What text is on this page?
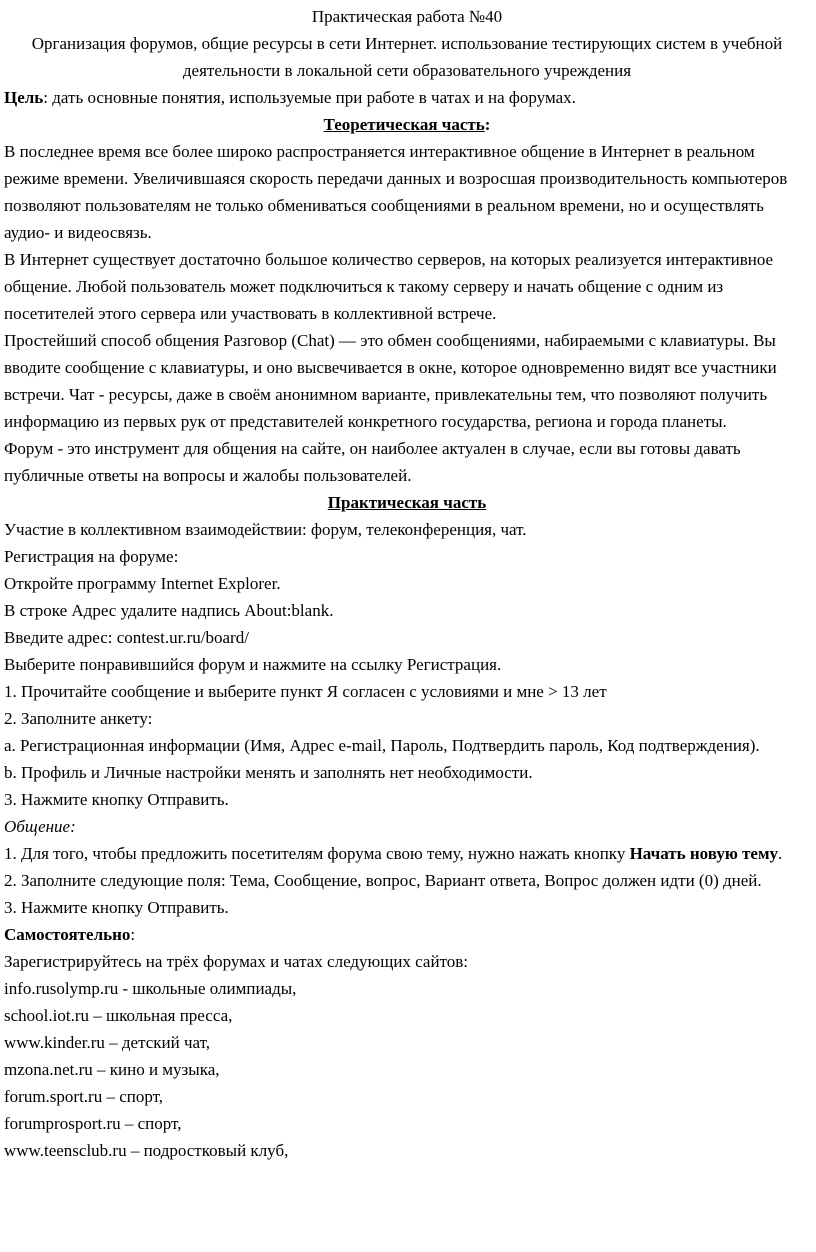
Практическая работа №40
Организация форумов, общие ресурсы в сети Интернет. использование тестирующих систем в учебной деятельности в локальной сети образовательного учреждения

Цель: дать основные понятия, используемые при работе в чатах и на форумах.

Теоретическая часть:

В последнее время все более широко распространяется интерактивное общение в Интернет в реальном режиме времени. Увеличившаяся скорость передачи данных и возросшая производительность компьютеров позволяют пользователям не только обмениваться сообщениями в реальном времени, но и осуществлять аудио- и видеосвязь.

В Интернет существует достаточно большое количество серверов, на которых реализуется интерактивное общение. Любой пользователь может подключиться к такому серверу и начать общение с одним из посетителей этого сервера или участвовать в коллективной встрече.

Простейший способ общения Разговор (Chat) — это обмен сообщениями, набираемыми с клавиатуры. Вы вводите сообщение с клавиатуры, и оно высвечивается в окне, которое одновременно видят все участники встречи. Чат - ресурсы, даже в своём анонимном варианте, привлекательны тем, что позволяют получить информацию из первых рук от представителей конкретного государства, региона и города планеты.

Форум - это инструмент для общения на сайте, он наиболее актуален в случае, если вы готовы давать публичные ответы на вопросы и жалобы пользователей.

Практическая часть

Участие в коллективном взаимодействии: форум, телеконференция, чат.

Регистрация на форуме:

Откройте программу Internet Explorer.

В строке Адрес удалите надпись About:blank.

Введите адрес: contest.ur.ru/board/

Выберите понравившийся форум и нажмите на ссылку Регистрация.

1. Прочитайте сообщение и выберите пункт Я согласен с условиями и мне > 13 лет

2. Заполните анкету:

a. Регистрационная информации (Имя, Адрес e-mail, Пароль, Подтвердить пароль, Код подтверждения).

b. Профиль и Личные настройки менять и заполнять нет необходимости.

3. Нажмите кнопку Отправить.

Общение:

1. Для того, чтобы предложить посетителям форума свою тему, нужно нажать кнопку Начать новую тему.

2. Заполните следующие поля: Тема, Сообщение, вопрос, Вариант ответа, Вопрос должен идти (0) дней.

3. Нажмите кнопку Отправить.

Самостоятельно:

Зарегистрируйтесь на трёх форумах и чатах следующих сайтов:

info.rusolymp.ru - школьные олимпиады,

school.iot.ru – школьная пресса,

www.kinder.ru – детский чат,

mzona.net.ru – кино и музыка,

forum.sport.ru – спорт,

forumprosport.ru – спорт,

www.teensclub.ru – подростковый клуб,
